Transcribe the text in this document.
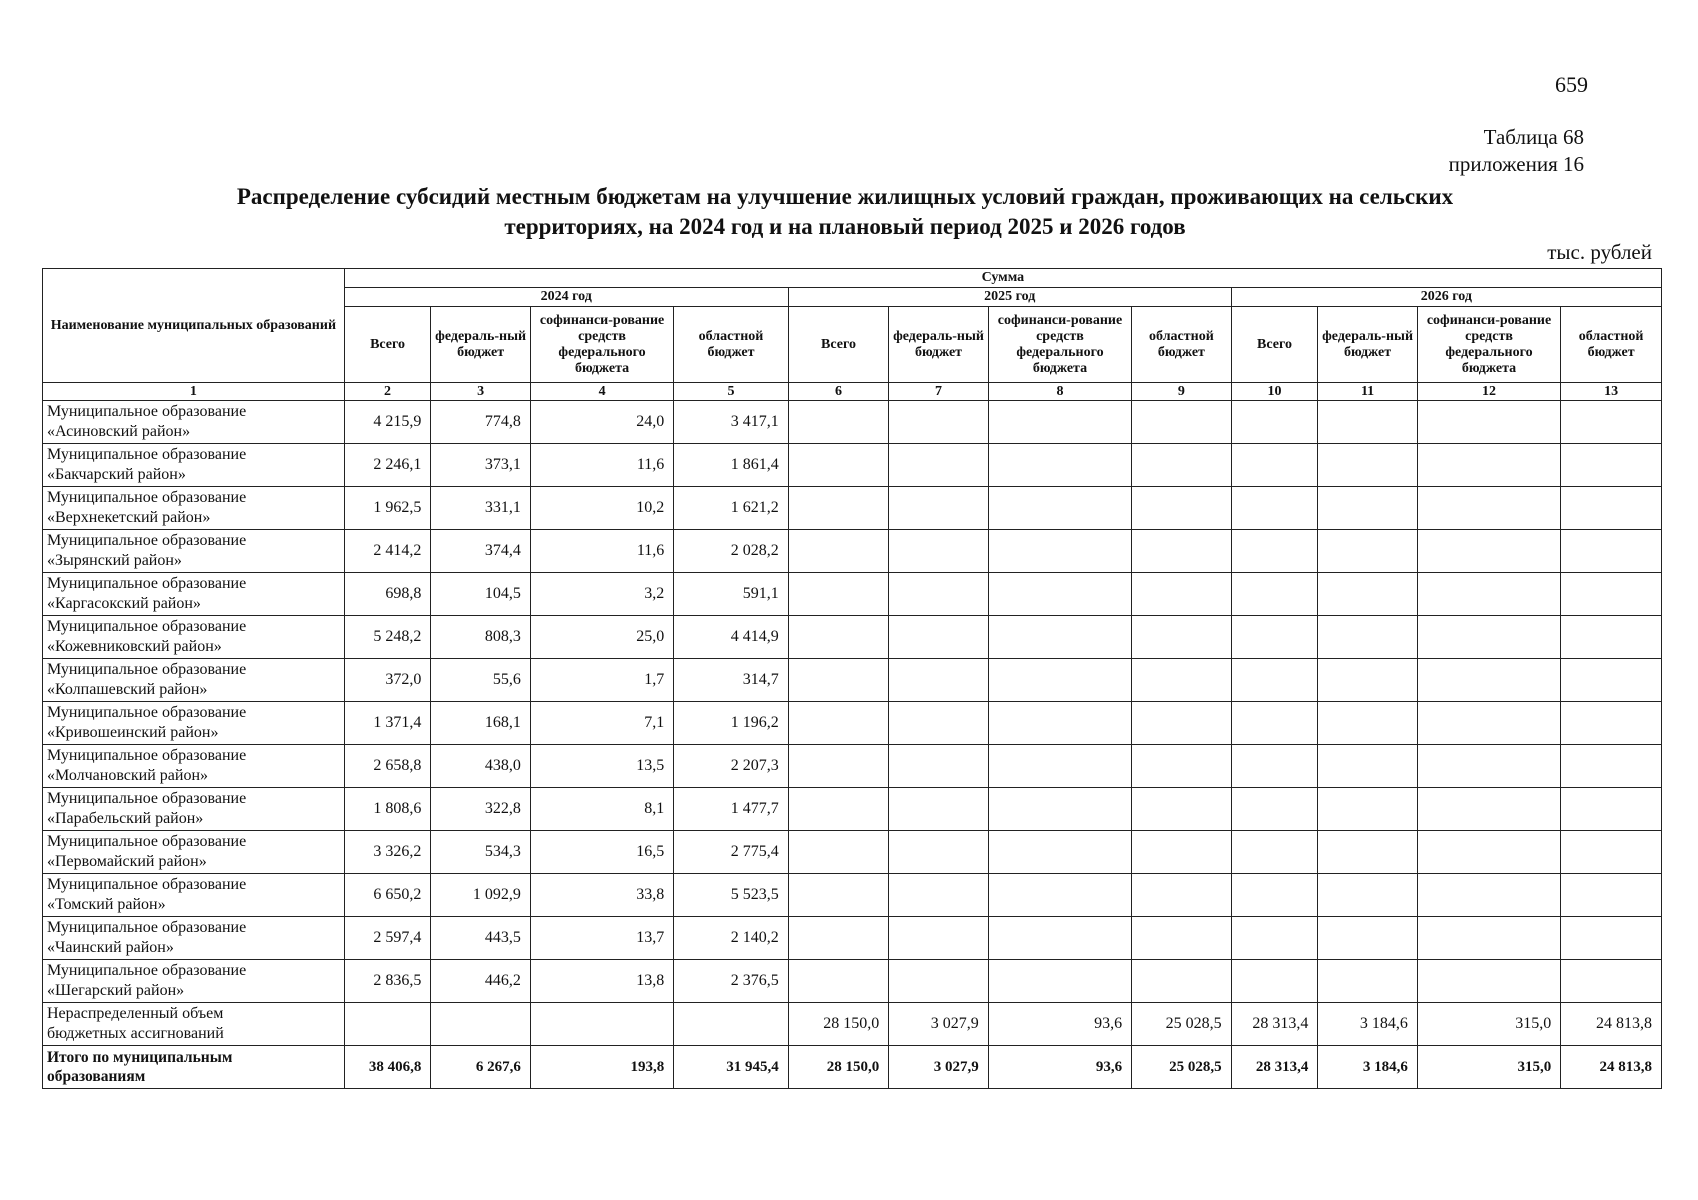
659
Таблица 68
приложения 16
Распределение субсидий местным бюджетам на улучшение жилищных условий граждан, проживающих на сельских
территориях, на 2024 год и на плановый период 2025 и 2026 годов
тыс. рублей
Наименование муниципальных образований	Сумма											
	2024 год				2025 год				2026 год			
	Всего	федераль-ный бюджет	софинанси-рование средств федерального бюджета	областной бюджет	Всего	федераль-ный бюджет	софинанси-рование средств федерального бюджета	областной бюджет	Всего	федераль-ный бюджет	софинанси-рование средств федерального бюджета	областной бюджет
1	2	3	4	5	6	7	8	9	10	11	12	13

Муниципальное образование
«Асиновский район»	4 215,9	774,8	24,0	3 417,1								

Муниципальное образование
«Бакчарский район»	2 246,1	373,1	11,6	1 861,4								

Муниципальное образование
«Верхнекетский район»	1 962,5	331,1	10,2	1 621,2								

Муниципальное образование
«Зырянский район»	2 414,2	374,4	11,6	2 028,2								

Муниципальное образование
«Каргасокский район»	698,8	104,5	3,2	591,1								

Муниципальное образование
«Кожевниковский район»	5 248,2	808,3	25,0	4 414,9								

Муниципальное образование
«Колпашевский район»	372,0	55,6	1,7	314,7								

Муниципальное образование
«Кривошеинский район»	1 371,4	168,1	7,1	1 196,2								

Муниципальное образование
«Молчановский район»	2 658,8	438,0	13,5	2 207,3								

Муниципальное образование
«Парабельский район»	1 808,6	322,8	8,1	1 477,7								

Муниципальное образование
«Первомайский район»	3 326,2	534,3	16,5	2 775,4								

Муниципальное образование
«Томский район»	6 650,2	1 092,9	33,8	5 523,5								

Муниципальное образование
«Чаинский район»	2 597,4	443,5	13,7	2 140,2								

Муниципальное образование
«Шегарский район»	2 836,5	446,2	13,8	2 376,5								

Нераспределенный объем
бюджетных ассигнований					28 150,0	3 027,9	93,6	25 028,5	28 313,4	3 184,6	315,0	24 813,8

Итого по муниципальным
образованиям	38 406,8	6 267,6	193,8	31 945,4	28 150,0	3 027,9	93,6	25 028,5	28 313,4	3 184,6	315,0	24 813,8
